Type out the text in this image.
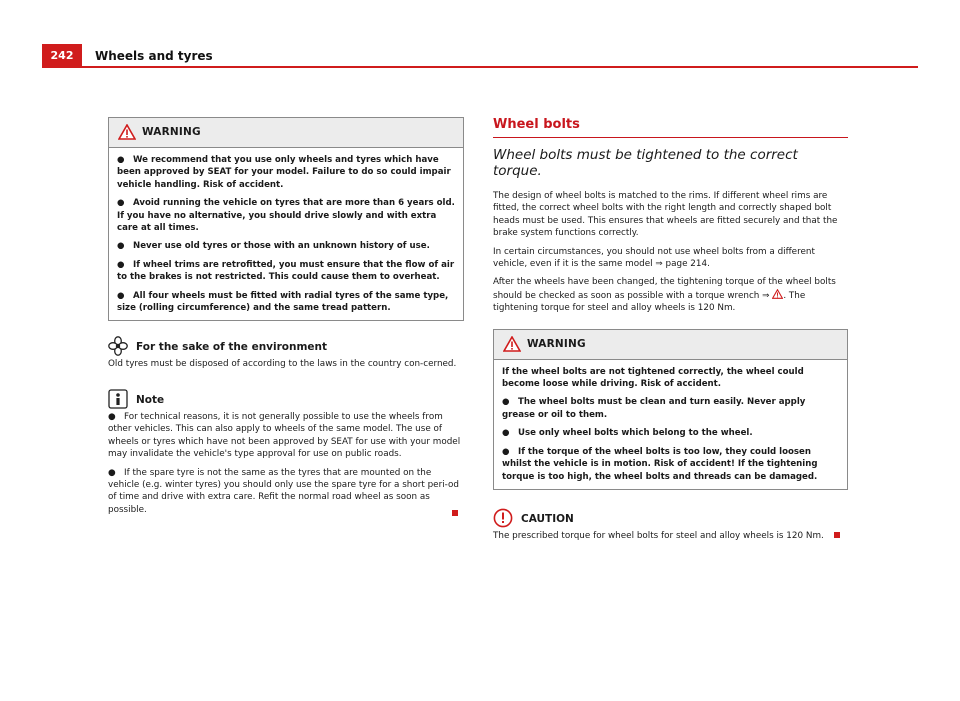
242	Wheels and tyres
WARNING

● We recommend that you use only wheels and tyres which have been approved by SEAT for your model. Failure to do so could impair vehicle handling. Risk of accident.

● Avoid running the vehicle on tyres that are more than 6 years old. If you have no alternative, you should drive slowly and with extra care at all times.

● Never use old tyres or those with an unknown history of use.

● If wheel trims are retrofitted, you must ensure that the flow of air to the brakes is not restricted. This could cause them to overheat.

● All four wheels must be fitted with radial tyres of the same type, size (rolling circumference) and the same tread pattern.

For the sake of the environment

Old tyres must be disposed of according to the laws in the country con-cerned.

Note

● For technical reasons, it is not generally possible to use the wheels from other vehicles. This can also apply to wheels of the same model. The use of wheels or tyres which have not been approved by SEAT for use with your model may invalidate the vehicle's type approval for use on public roads.

● If the spare tyre is not the same as the tyres that are mounted on the vehicle (e.g. winter tyres) you should only use the spare tyre for a short peri-od of time and drive with extra care. Refit the normal road wheel as soon as possible.

Wheel bolts

Wheel bolts must be tightened to the correct torque.

The design of wheel bolts is matched to the rims. If different wheel rims are fitted, the correct wheel bolts with the right length and correctly shaped bolt heads must be used. This ensures that wheels are fitted securely and that the brake system functions correctly.

In certain circumstances, you should not use wheel bolts from a different vehicle, even if it is the same model ⇒ page 214.

After the wheels have been changed, the tightening torque of the wheel bolts should be checked as soon as possible with a torque wrench ⇒ . The tightening torque for steel and alloy wheels is 120 Nm.

WARNING

If the wheel bolts are not tightened correctly, the wheel could become loose while driving. Risk of accident.

● The wheel bolts must be clean and turn easily. Never apply grease or oil to them.

● Use only wheel bolts which belong to the wheel.

● If the torque of the wheel bolts is too low, they could loosen whilst the vehicle is in motion. Risk of accident! If the tightening torque is too high, the wheel bolts and threads can be damaged.

CAUTION

The prescribed torque for wheel bolts for steel and alloy wheels is 120 Nm.
